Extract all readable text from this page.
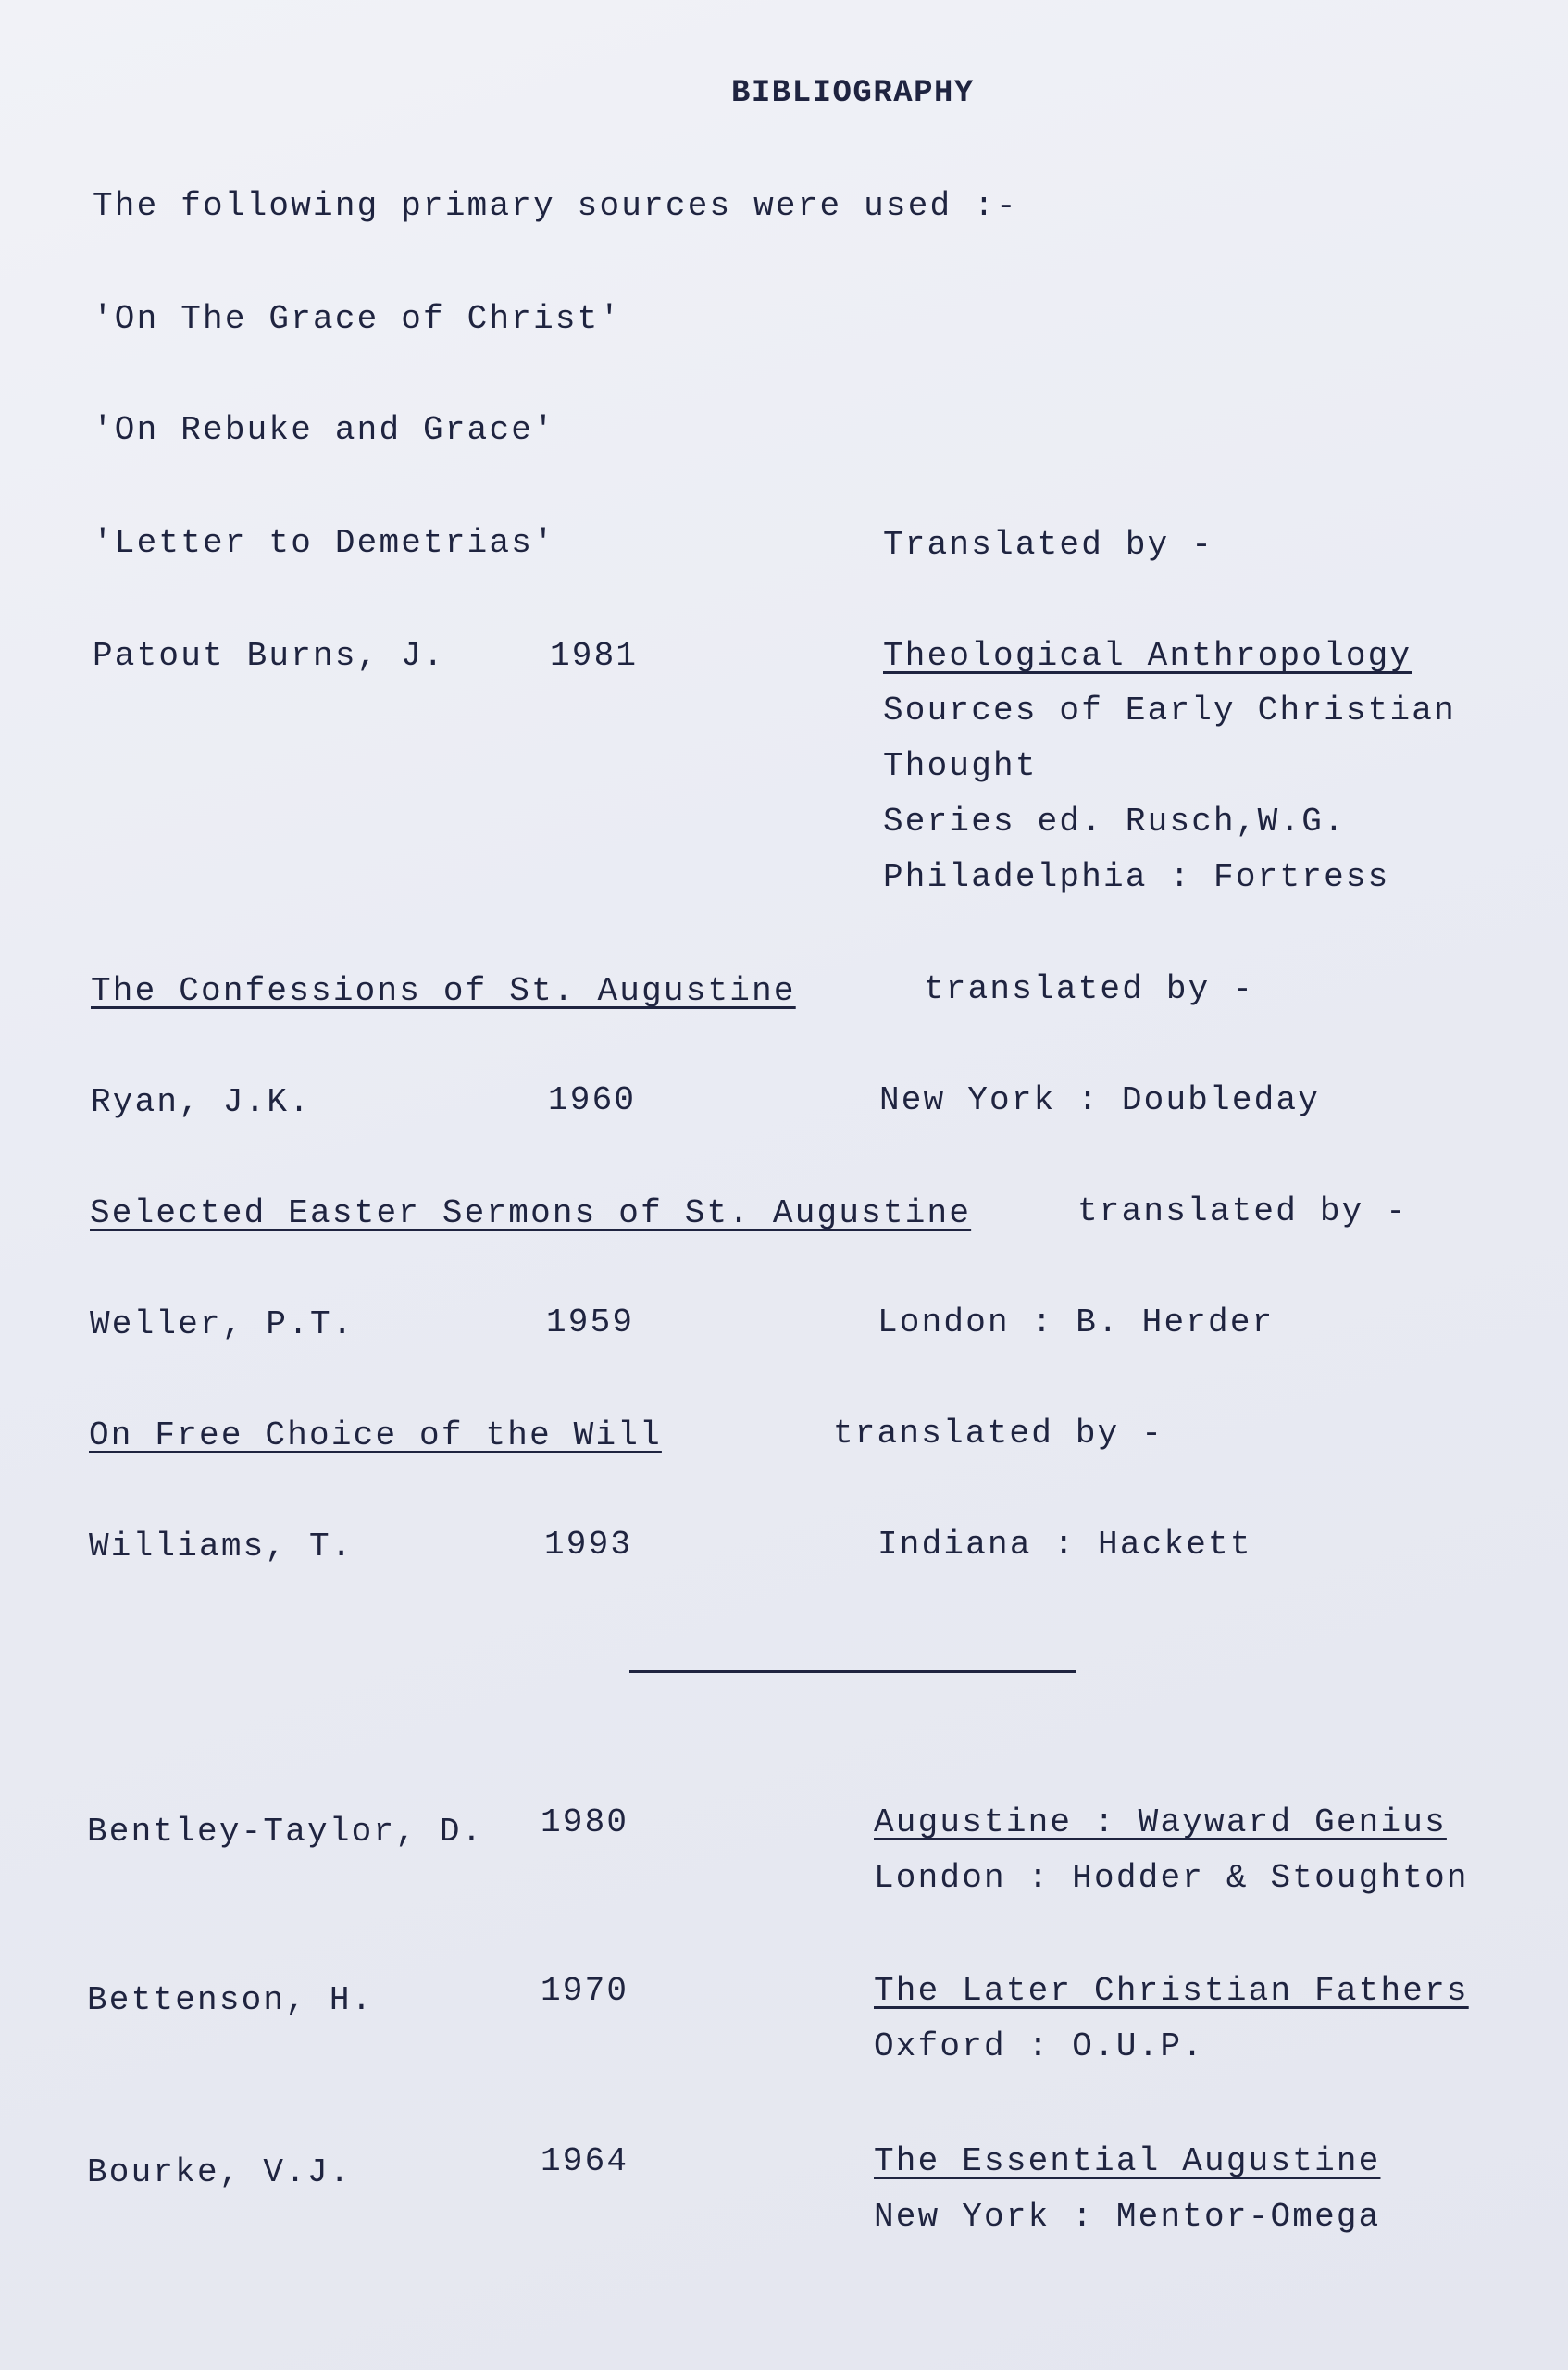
BIBLIOGRAPHY
The following primary sources were used :-
'On The Grace of Christ'
'On Rebuke and Grace'
'Letter to Demetrias'	Translated by -
Patout Burns, J.	1981	Theological Anthropology
Sources of Early Christian
Thought
Series ed. Rusch,W.G.
Philadelphia : Fortress
The Confessions of St. Augustine	translated by -
Ryan, J.K.	1960	New York : Doubleday
Selected Easter Sermons of St. Augustine	translated by -
Weller, P.T.	1959	London : B. Herder
On Free Choice of the Will	translated by -
Williams, T.	1993	Indiana : Hackett
Bentley-Taylor, D. 1980	Augustine : Wayward Genius
London : Hodder & Stoughton
Bettenson, H.	1970	The Later Christian Fathers
Oxford : O.U.P.
Bourke, V.J.	1964	The Essential Augustine
New York : Mentor-Omega
